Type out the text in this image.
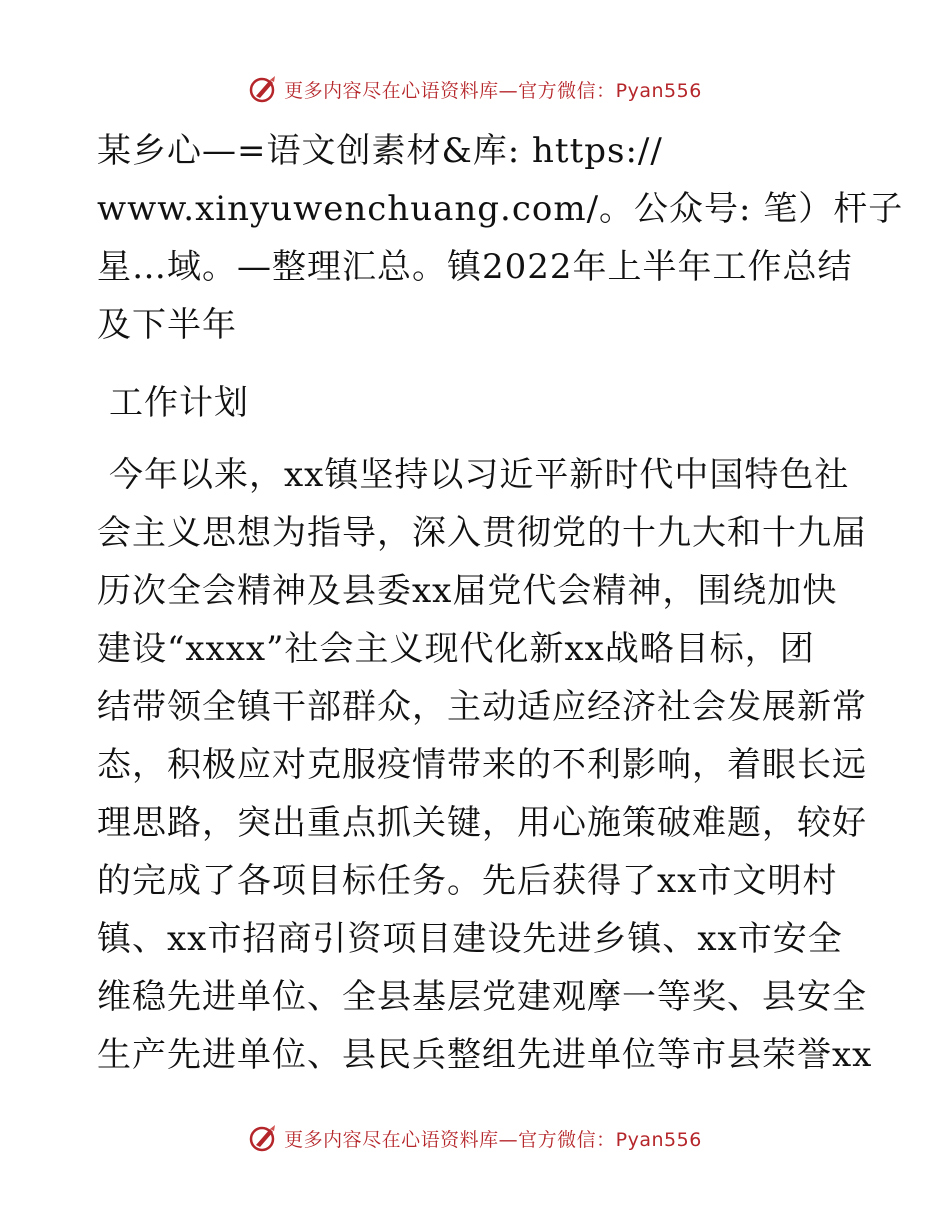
更多内容尽在心语资料库—官方微信：Pyan556
某乡心—=语文创素材&库: https://
www.xinyuwenchuang.com/。公众号: 笔）杆子
星…域。—整理汇总。镇2022年上半年工作总结
及下半年
工作计划
今年以来，xx镇坚持以习近平新时代中国特色社
会主义思想为指导，深入贯彻党的十九大和十九届
历次全会精神及县委xx届党代会精神，围绕加快
建设“xxxx”社会主义现代化新xx战略目标，团
结带领全镇干部群众，主动适应经济社会发展新常
态，积极应对克服疫情带来的不利影响，着眼长远
理思路，突出重点抓关键，用心施策破难题，较好
的完成了各项目标任务。先后获得了xx市文明村
镇、xx市招商引资项目建设先进乡镇、xx市安全
维稳先进单位、全县基层党建观摩一等奖、县安全
生产先进单位、县民兵整组先进单位等市县荣誉xx
更多内容尽在心语资料库—官方微信：Pyan556
